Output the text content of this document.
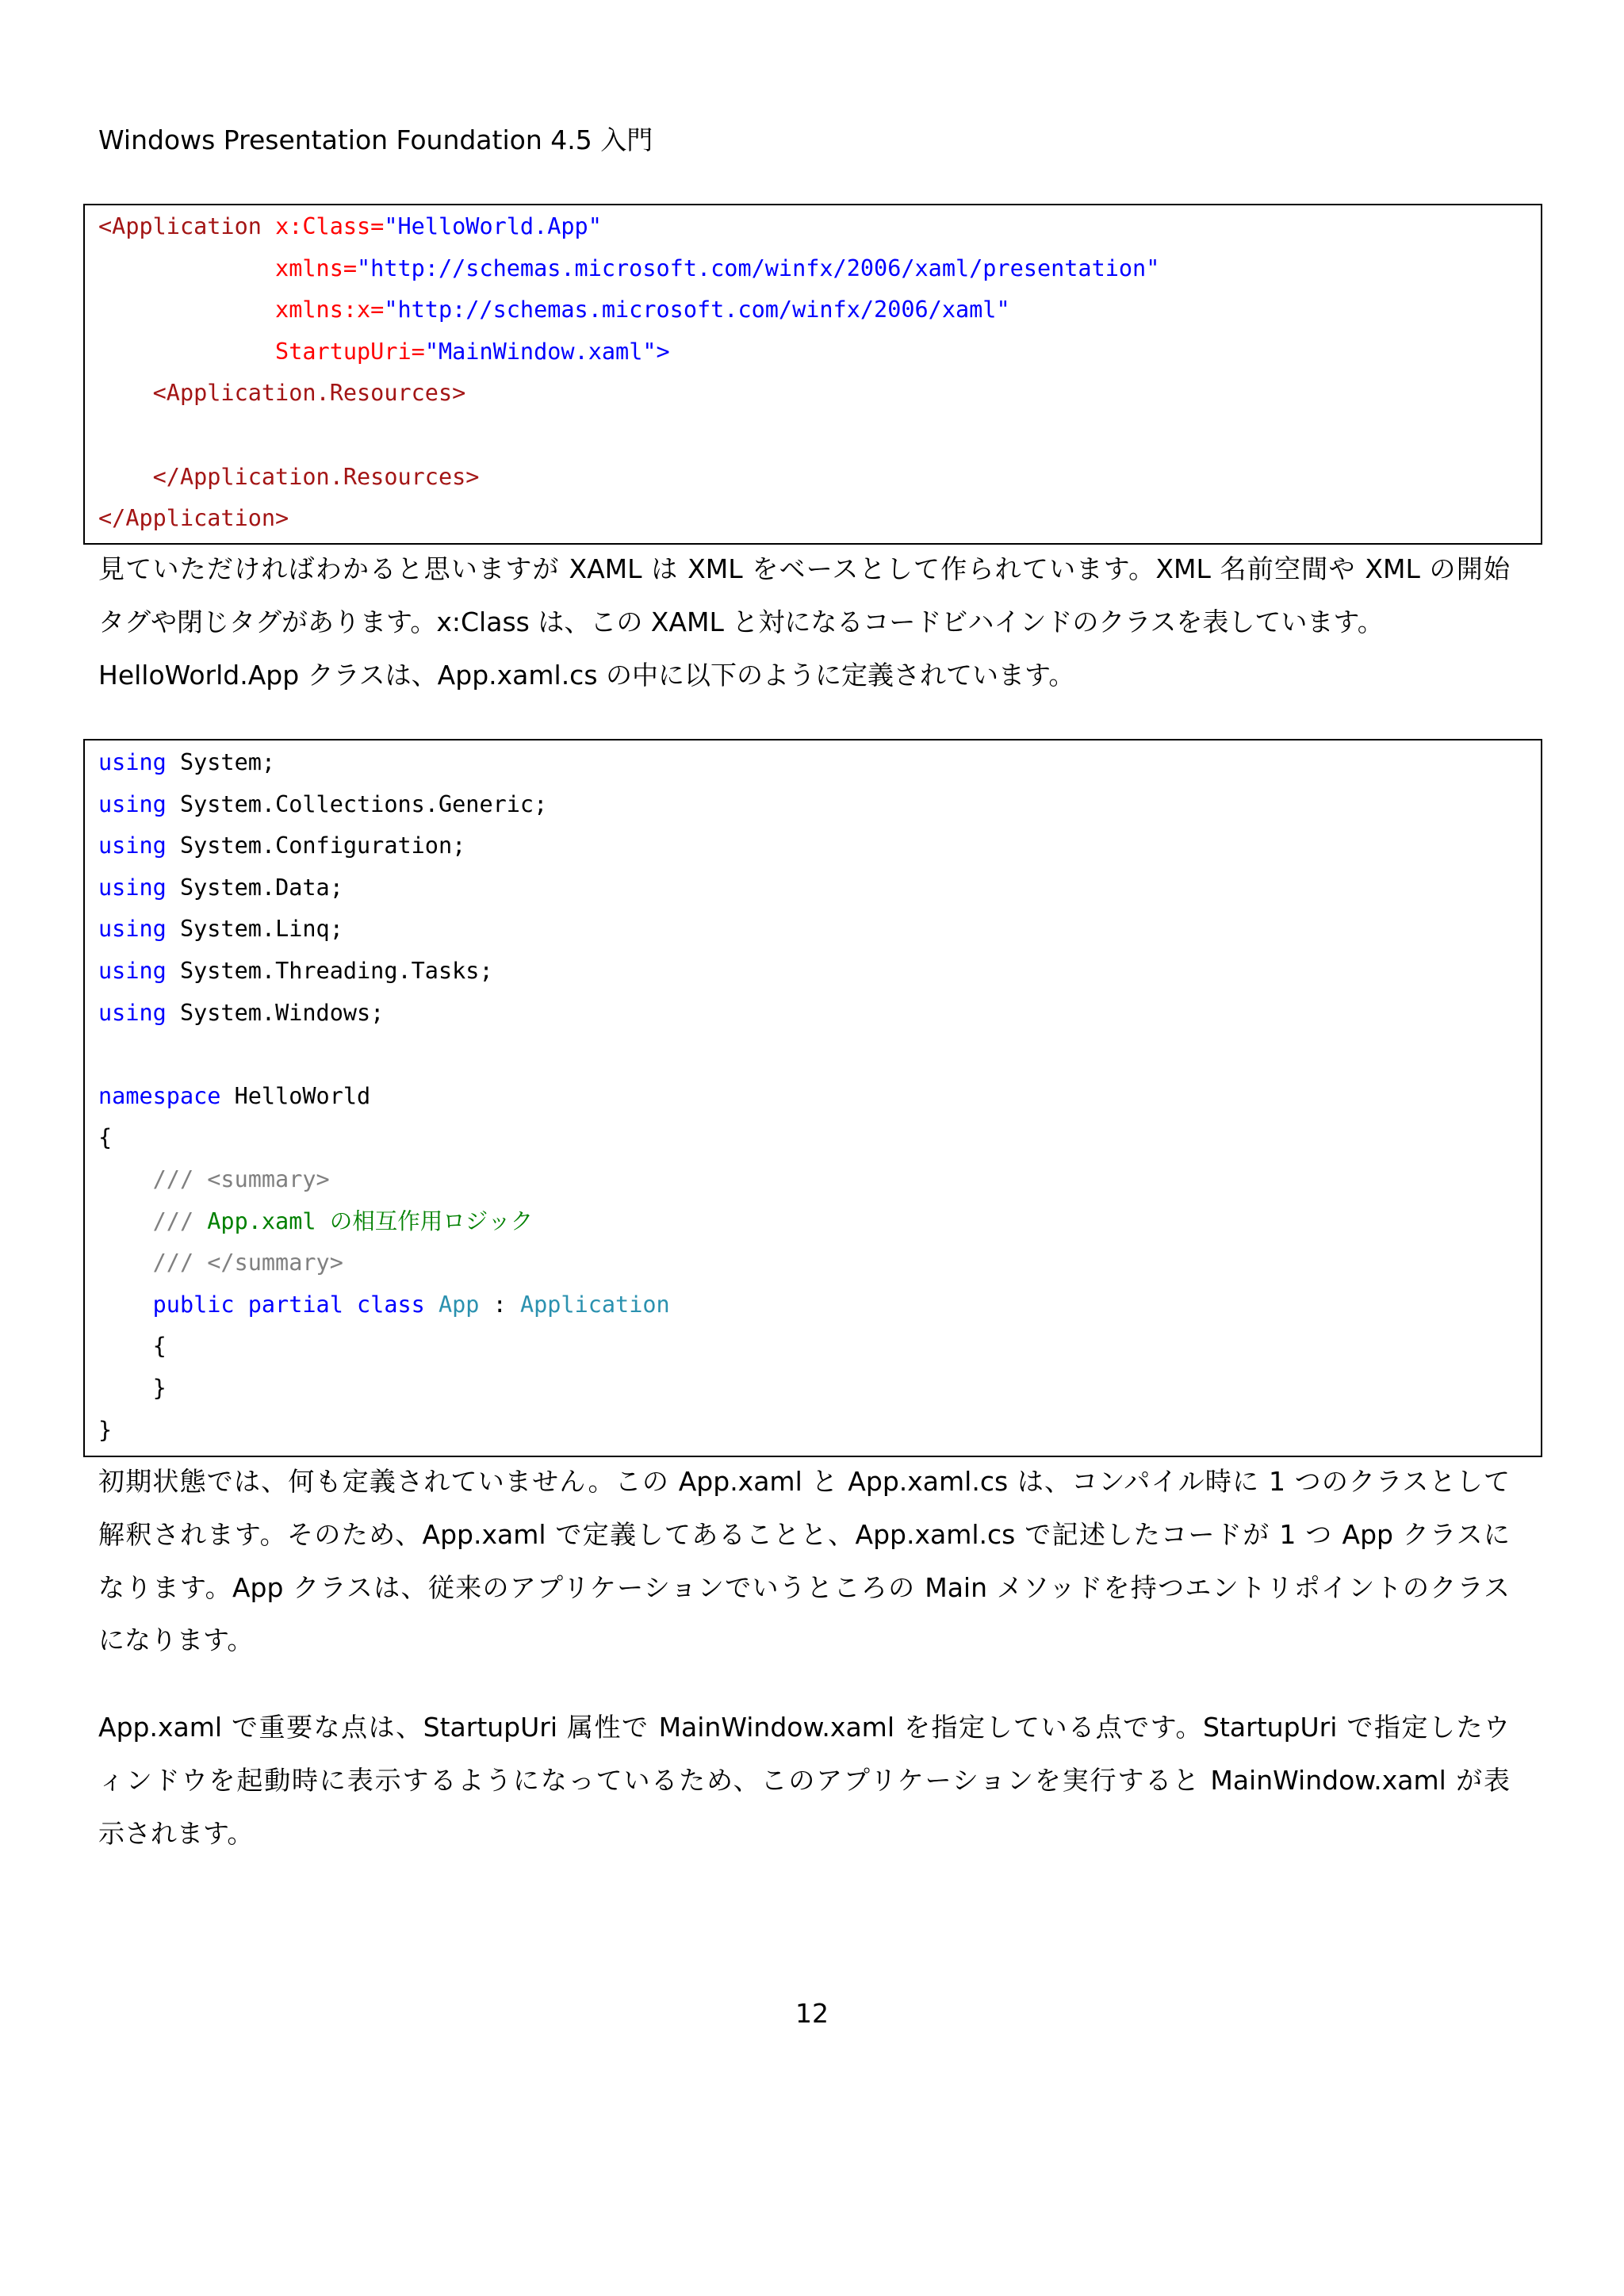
Windows Presentation Foundation 4.5 入門
<Application x:Class="HelloWorld.App"
xmlns="http://schemas.microsoft.com/winfx/2006/xaml/presentation"
xmlns:x="http://schemas.microsoft.com/winfx/2006/xaml"
StartupUri="MainWindow.xaml">
<Application.Resources>
</Application.Resources>
</Application>
見ていただければわかると思いますが XAML は XML をベースとして作られています。XML 名前空間や XML の開始
タグや閉じタグがあります。x:Class は、この XAML と対になるコードビハインドのクラスを表しています。
HelloWorld.App クラスは、App.xaml.cs の中に以下のように定義されています。
using System;
using System.Collections.Generic;
using System.Configuration;
using System.Data;
using System.Linq;
using System.Threading.Tasks;
using System.Windows;
namespace HelloWorld
{
/// <summary>
/// App.xaml の相互作用ロジック
/// </summary>
public partial class App : Application
{
}
}
初期状態では、何も定義されていません。この App.xaml と App.xaml.cs は、コンパイル時に 1 つのクラスとして
解釈されます。そのため、App.xaml で定義してあることと、App.xaml.cs で記述したコードが 1 つ App クラスに
なります。App クラスは、従来のアプリケーションでいうところの Main メソッドを持つエントリポイントのクラス
になります。
App.xaml で重要な点は、StartupUri 属性で MainWindow.xaml を指定している点です。StartupUri で指定したウ
ィンドウを起動時に表示するようになっているため、このアプリケーションを実行すると MainWindow.xaml が表
示されます。
12
